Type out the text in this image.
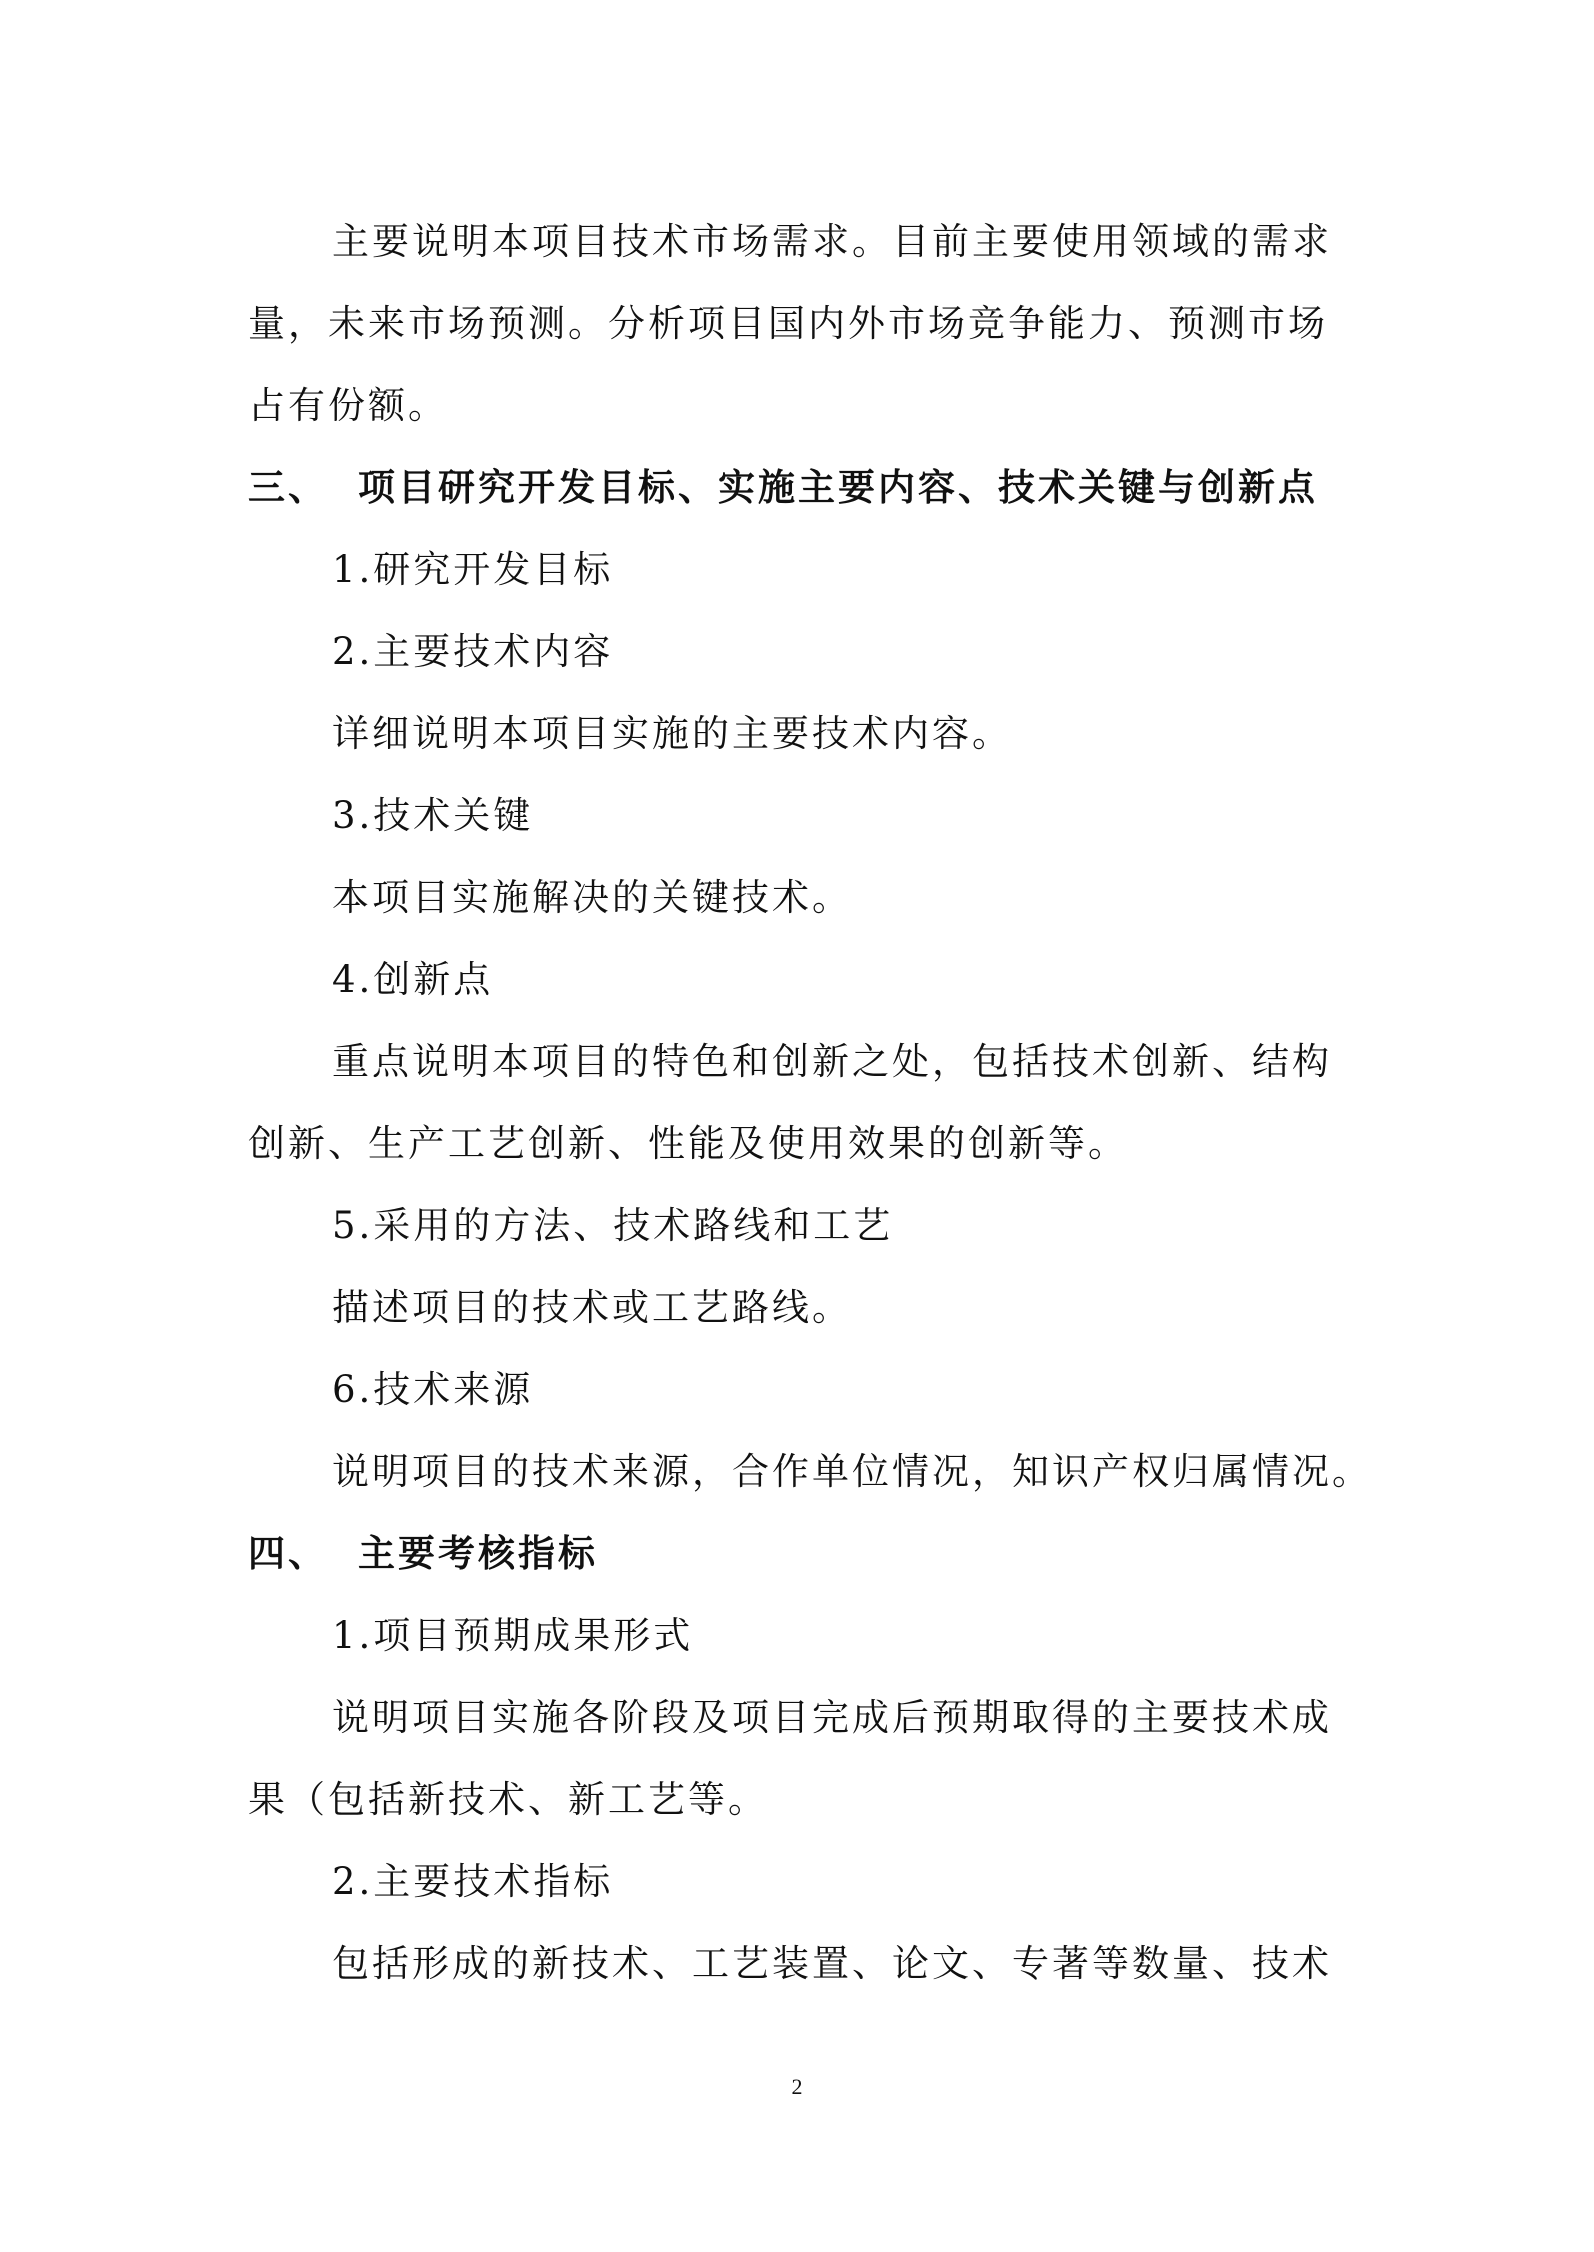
主要说明本项目技术市场需求。目前主要使用领域的需求
量，未来市场预测。分析项目国内外市场竞争能力、预测市场
占有份额。
三、 项目研究开发目标、实施主要内容、技术关键与创新点
1.研究开发目标
2.主要技术内容
详细说明本项目实施的主要技术内容。
3.技术关键
本项目实施解决的关键技术。
4.创新点
重点说明本项目的特色和创新之处，包括技术创新、结构
创新、生产工艺创新、性能及使用效果的创新等。
5.采用的方法、技术路线和工艺
描述项目的技术或工艺路线。
6.技术来源
说明项目的技术来源，合作单位情况，知识产权归属情况。
四、 主要考核指标
1.项目预期成果形式
说明项目实施各阶段及项目完成后预期取得的主要技术成
果（包括新技术、新工艺等。
2.主要技术指标
包括形成的新技术、工艺装置、论文、专著等数量、技术
2
